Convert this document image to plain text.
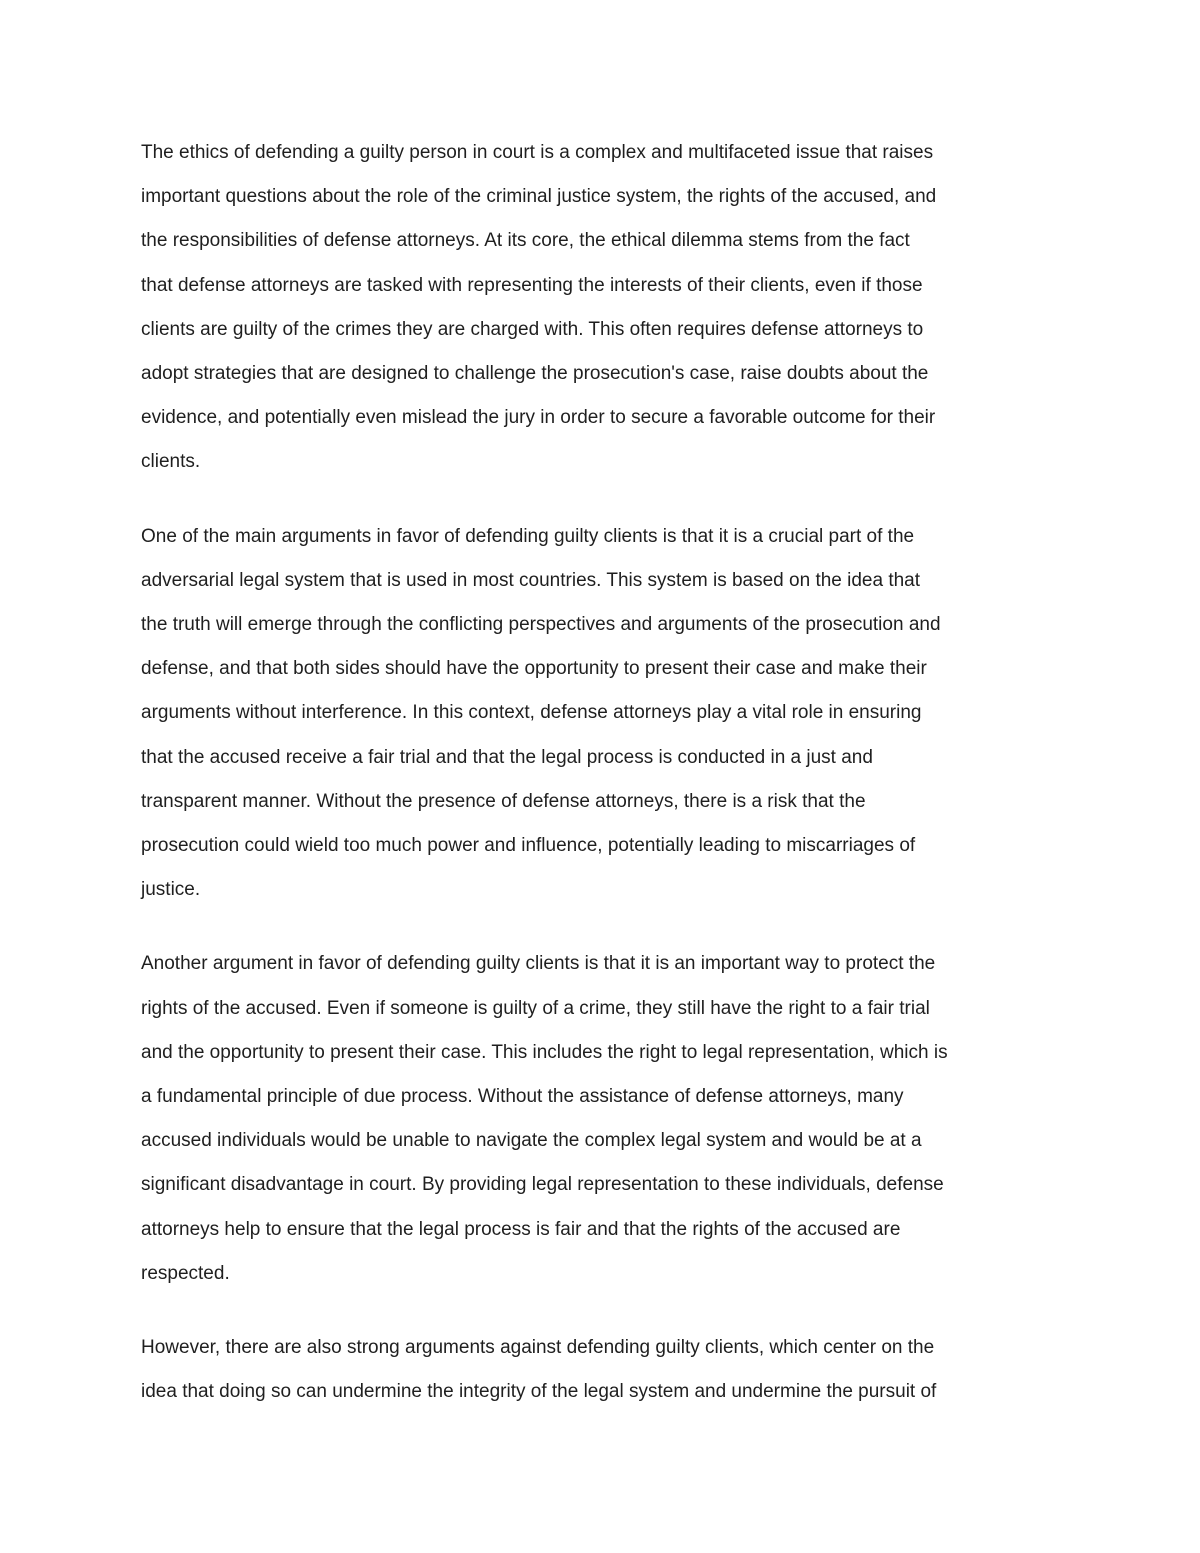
The ethics of defending a guilty person in court is a complex and multifaceted issue that raises
important questions about the role of the criminal justice system, the rights of the accused, and
the responsibilities of defense attorneys. At its core, the ethical dilemma stems from the fact
that defense attorneys are tasked with representing the interests of their clients, even if those
clients are guilty of the crimes they are charged with. This often requires defense attorneys to
adopt strategies that are designed to challenge the prosecution's case, raise doubts about the
evidence, and potentially even mislead the jury in order to secure a favorable outcome for their
clients.

One of the main arguments in favor of defending guilty clients is that it is a crucial part of the
adversarial legal system that is used in most countries. This system is based on the idea that
the truth will emerge through the conflicting perspectives and arguments of the prosecution and
defense, and that both sides should have the opportunity to present their case and make their
arguments without interference. In this context, defense attorneys play a vital role in ensuring
that the accused receive a fair trial and that the legal process is conducted in a just and
transparent manner. Without the presence of defense attorneys, there is a risk that the
prosecution could wield too much power and influence, potentially leading to miscarriages of
justice.

Another argument in favor of defending guilty clients is that it is an important way to protect the
rights of the accused. Even if someone is guilty of a crime, they still have the right to a fair trial
and the opportunity to present their case. This includes the right to legal representation, which is
a fundamental principle of due process. Without the assistance of defense attorneys, many
accused individuals would be unable to navigate the complex legal system and would be at a
significant disadvantage in court. By providing legal representation to these individuals, defense
attorneys help to ensure that the legal process is fair and that the rights of the accused are
respected.

However, there are also strong arguments against defending guilty clients, which center on the
idea that doing so can undermine the integrity of the legal system and undermine the pursuit of
